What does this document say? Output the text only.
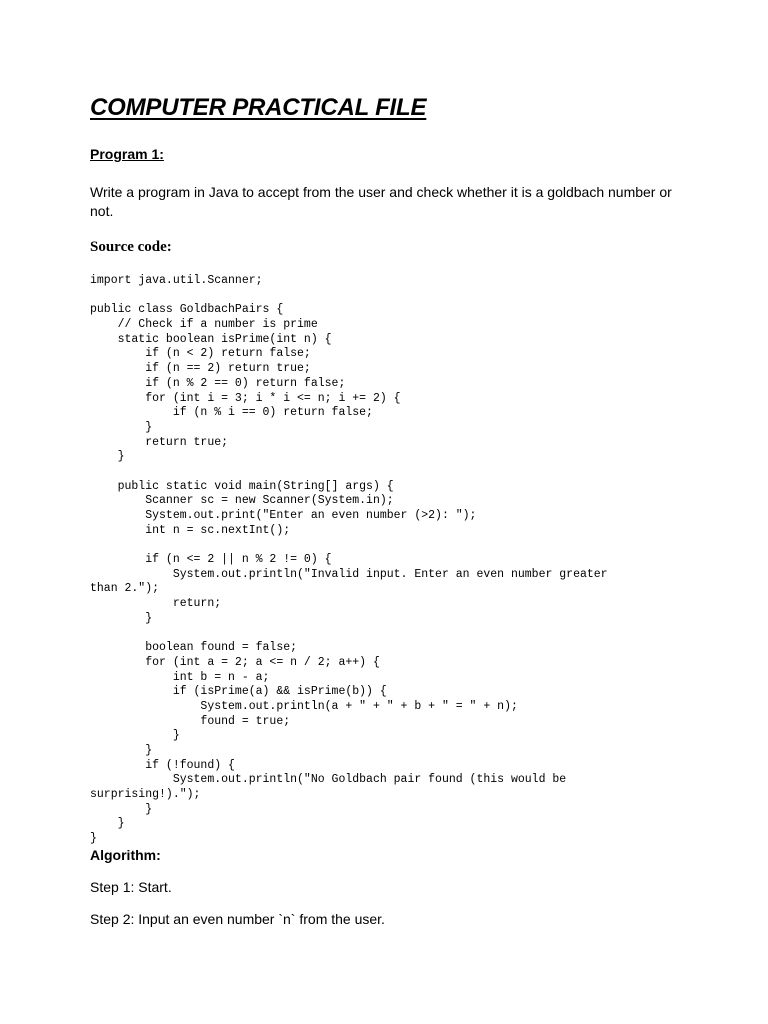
COMPUTER PRACTICAL FILE

Program 1:

Write a program in Java to accept from the user and check whether it is a goldbach number or not.

Source code:

import java.util.Scanner;
public class GoldbachPairs {
// Check if a number is prime
static boolean isPrime(int n) {
if (n < 2) return false;
if (n == 2) return true;
if (n % 2 == 0) return false;
for (int i = 3; i * i <= n; i += 2) {
if (n % i == 0) return false;
}
return true;
}
public static void main(String[] args) {
Scanner sc = new Scanner(System.in);
System.out.print("Enter an even number (>2): ");
int n = sc.nextInt();
if (n <= 2 || n % 2 != 0) {
System.out.println("Invalid input. Enter an even number greater
than 2.");
return;
}
boolean found = false;
for (int a = 2; a <= n / 2; a++) {
int b = n - a;
if (isPrime(a) && isPrime(b)) {
System.out.println(a + " + " + b + " = " + n);
found = true;
}
}
if (!found) {
System.out.println("No Goldbach pair found (this would be
surprising!).");
}
}
}

Algorithm:

Step 1: Start.

Step 2: Input an even number `n` from the user.
